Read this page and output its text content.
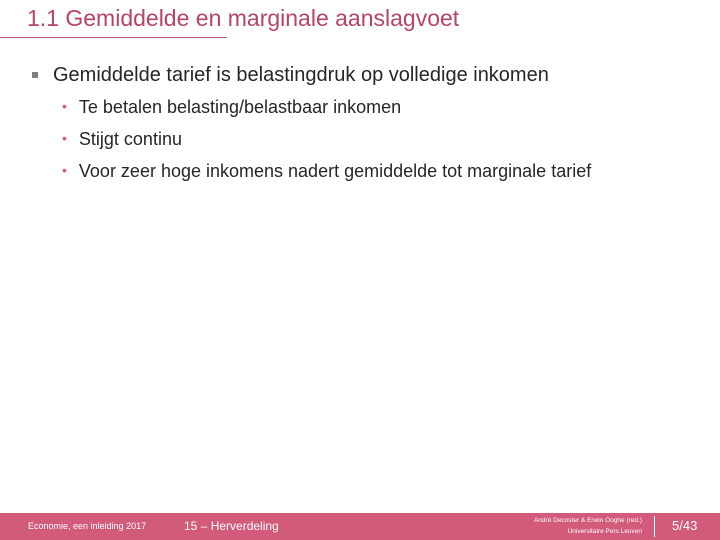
1.1 Gemiddelde en marginale aanslagvoet
Gemiddelde tarief is belastingdruk op volledige inkomen
• Te betalen belasting/belastbaar inkomen
• Stijgt continu
• Voor zeer hoge inkomens nadert gemiddelde tot marginale tarief
Economie, een inleiding 2017	15 – Herverdeling	André Decoster & Erwin Ooghe (red.)
Universitaire Pers Leuven 5/43
